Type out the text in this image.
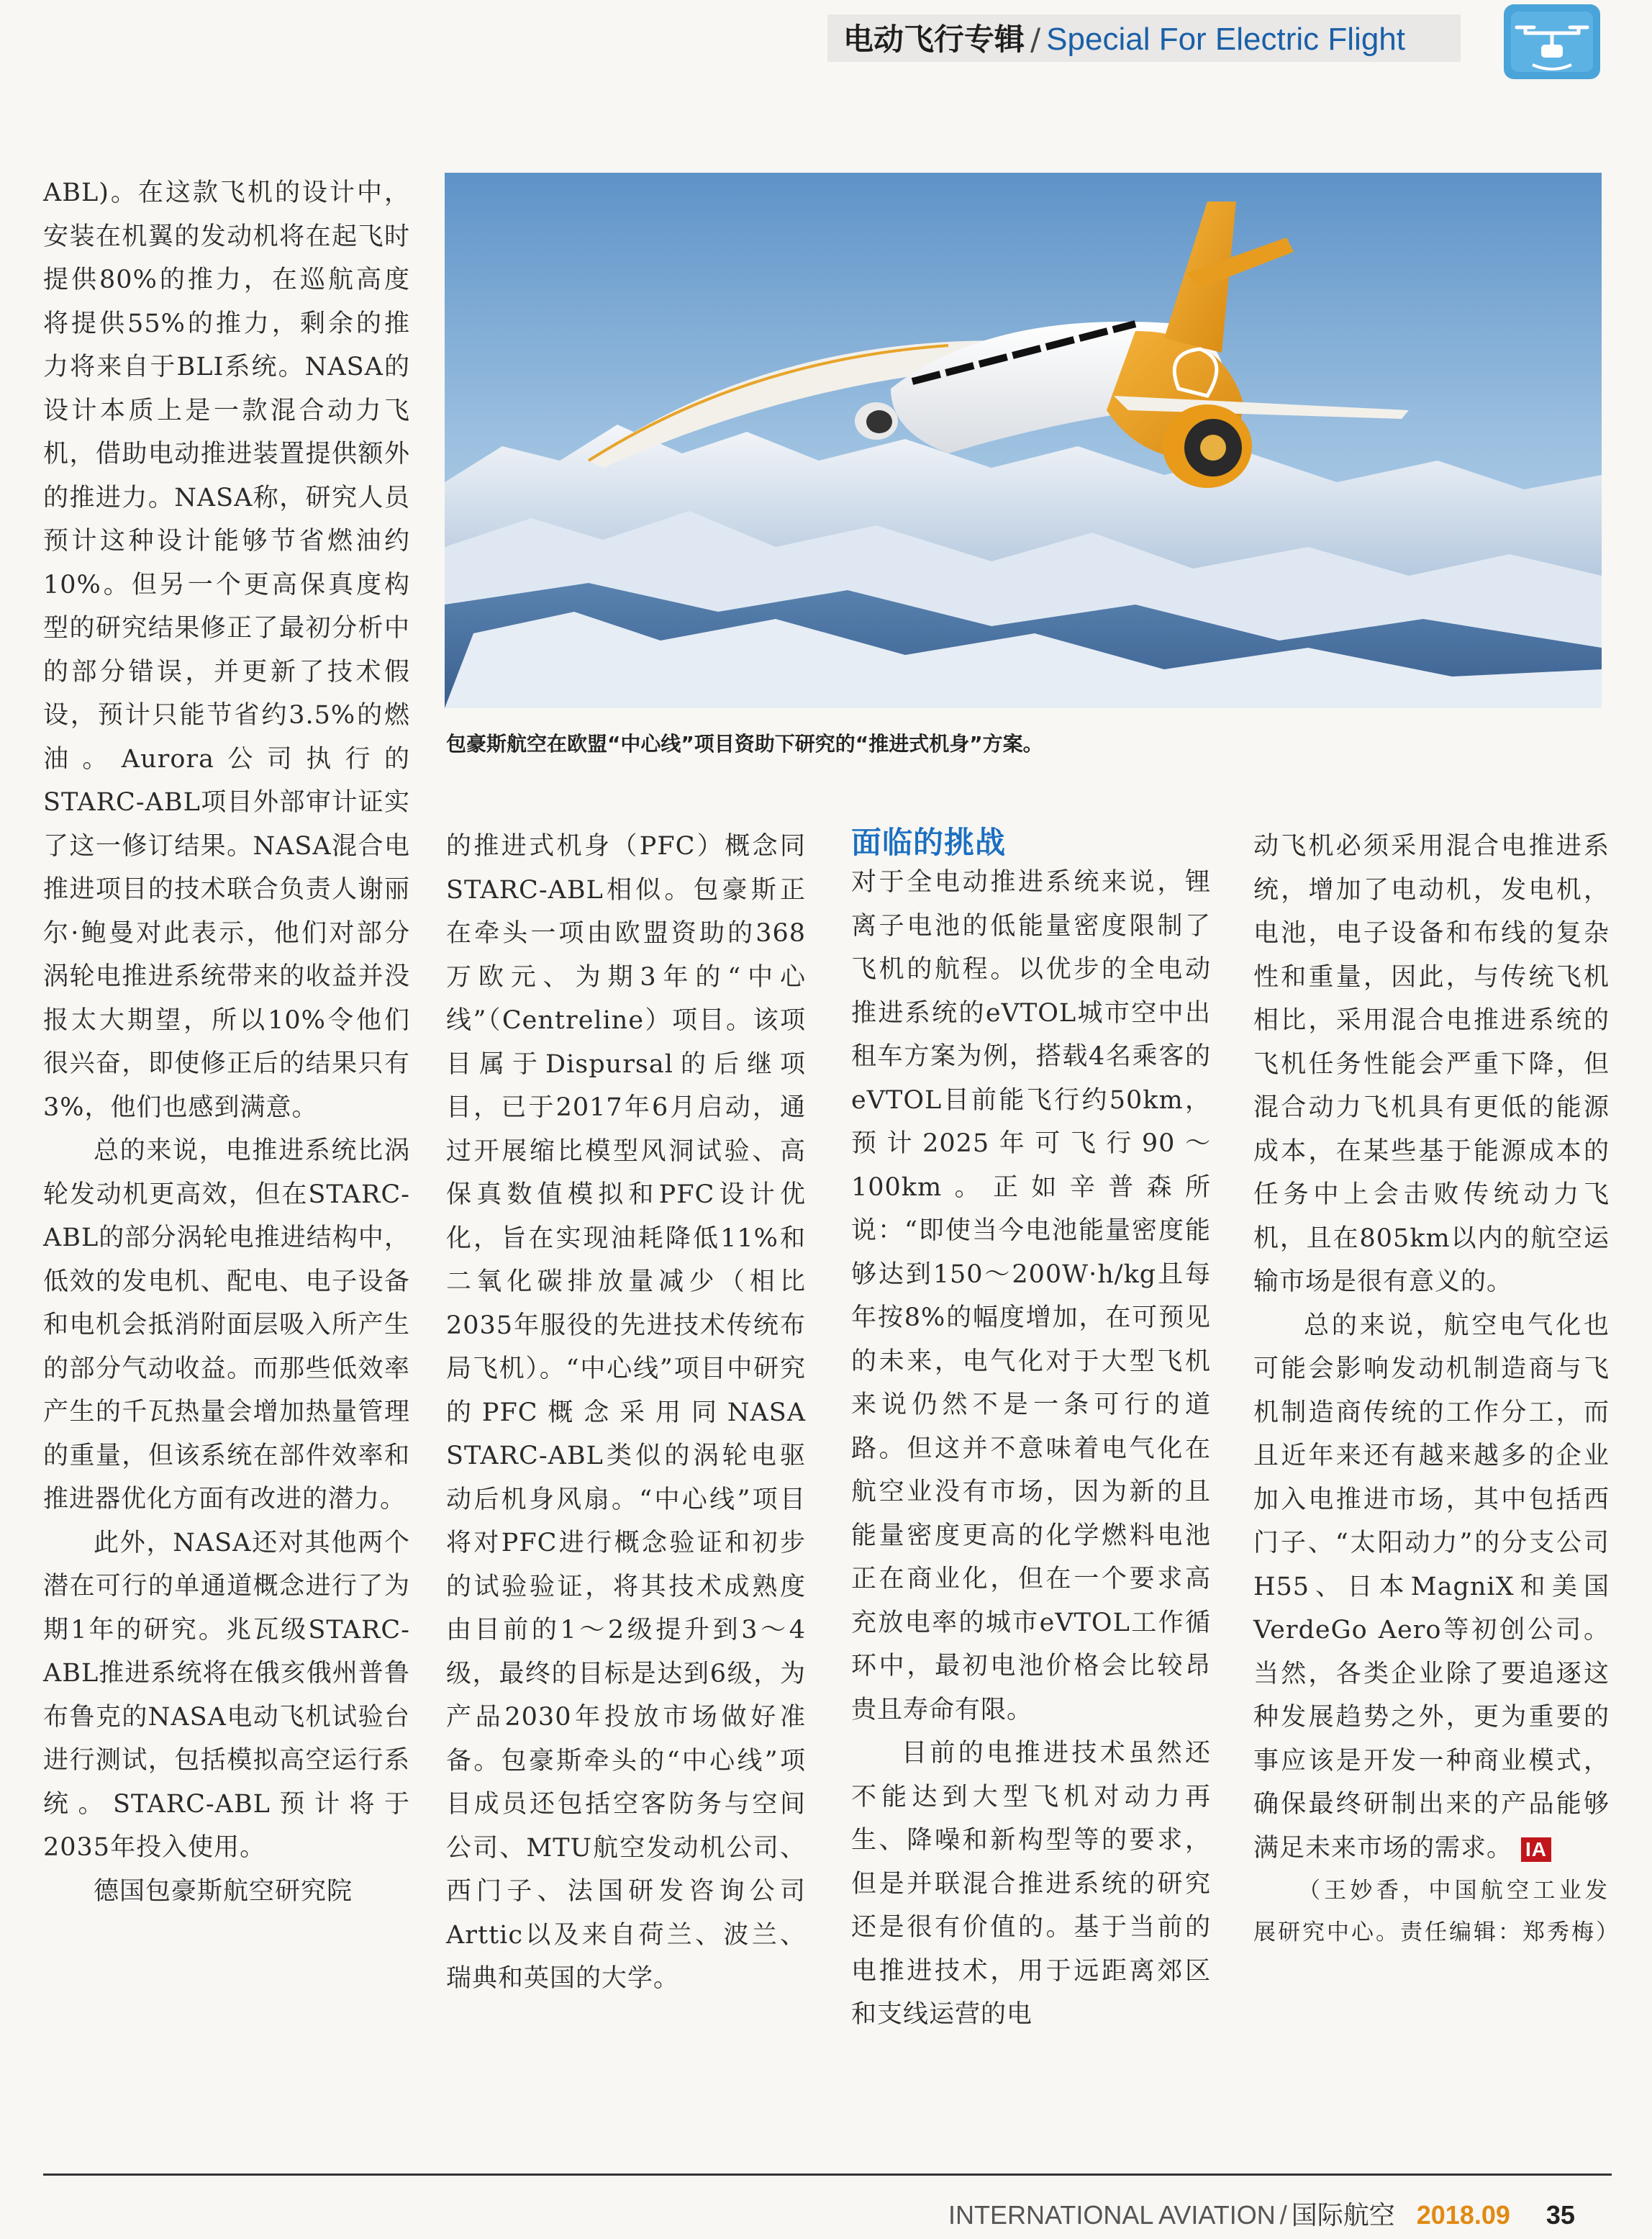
电动飞行专辑 / Special For Electric Flight
包豪斯航空在欧盟“中心线”项目资助下研究的“推进式机身”方案。

ABL)。在这款飞机的设计中，安装在机翼的发动机将在起飞时提供80%的推力，在巡航高度将提供55%的推力，剩余的推力将来自于BLI系统。NASA的设计本质上是一款混合动力飞机，借助电动推进装置提供额外的推进力。NASA称，研究人员预计这种设计能够节省燃油约10%。但另一个更高保真度构型的研究结果修正了最初分析中的部分错误，并更新了技术假设，预计只能节省约3.5%的燃油。Aurora公司执行的STARC-ABL项目外部审计证实了这一修订结果。NASA混合电推进项目的技术联合负责人谢丽尔·鲍曼对此表示，他们对部分涡轮电推进系统带来的收益并没报太大期望，所以10%令他们很兴奋，即使修正后的结果只有3%，他们也感到满意。

总的来说，电推进系统比涡轮发动机更高效，但在STARC-ABL的部分涡轮电推进结构中，低效的发电机、配电、电子设备和电机会抵消附面层吸入所产生的部分气动收益。而那些低效率产生的千瓦热量会增加热量管理的重量，但该系统在部件效率和推进器优化方面有改进的潜力。

此外，NASA还对其他两个潜在可行的单通道概念进行了为期1年的研究。兆瓦级STARC-ABL推进系统将在俄亥俄州普鲁布鲁克的NASA电动飞机试验台进行测试，包括模拟高空运行系统。STARC-ABL预计将于2035年投入使用。

德国包豪斯航空研究院

的推进式机身（PFC）概念同STARC-ABL相似。包豪斯正在牵头一项由欧盟资助的368万欧元、为期3年的“中心线”（Centreline）项目。该项目属于Dispursal的后继项目，已于2017年6月启动，通过开展缩比模型风洞试验、高保真数值模拟和PFC设计优化，旨在实现油耗降低11%和二氧化碳排放量减少（相比2035年服役的先进技术传统布局飞机）。“中心线”项目中研究的PFC概念采用同NASA STARC-ABL类似的涡轮电驱动后机身风扇。“中心线”项目将对PFC进行概念验证和初步的试验验证，将其技术成熟度由目前的1～2级提升到3～4级，最终的目标是达到6级，为产品2030年投放市场做好准备。包豪斯牵头的“中心线”项目成员还包括空客防务与空间公司、MTU航空发动机公司、西门子、法国研发咨询公司Arttic以及来自荷兰、波兰、瑞典和英国的大学。

面临的挑战

对于全电动推进系统来说，锂离子电池的低能量密度限制了飞机的航程。以优步的全电动推进系统的eVTOL城市空中出租车方案为例，搭载4名乘客的eVTOL目前能飞行约50km，预计2025年可飞行90～100km。正如辛普森所说：“即使当今电池能量密度能够达到150～200W·h/kg且每年按8%的幅度增加，在可预见的未来，电气化对于大型飞机来说仍然不是一条可行的道路。但这并不意味着电气化在航空业没有市场，因为新的且能量密度更高的化学燃料电池正在商业化，但在一个要求高充放电率的城市eVTOL工作循环中，最初电池价格会比较昂贵且寿命有限。

目前的电推进技术虽然还不能达到大型飞机对动力再生、降噪和新构型等的要求，但是并联混合推进系统的研究还是很有价值的。基于当前的电推进技术，用于远距离郊区和支线运营的电

动飞机必须采用混合电推进系统，增加了电动机，发电机，电池，电子设备和布线的复杂性和重量，因此，与传统飞机相比，采用混合电推进系统的飞机任务性能会严重下降，但混合动力飞机具有更低的能源成本，在某些基于能源成本的任务中上会击败传统动力飞机，且在805km以内的航空运输市场是很有意义的。

总的来说，航空电气化也可能会影响发动机制造商与飞机制造商传统的工作分工，而且近年来还有越来越多的企业加入电推进市场，其中包括西门子、“太阳动力”的分支公司H55、日本MagniX和美国VerdeGo Aero等初创公司。当然，各类企业除了要追逐这种发展趋势之外，更为重要的事应该是开发一种商业模式，确保最终研制出来的产品能够满足未来市场的需求。 IA

（王妙香，中国航空工业发展研究中心。责任编辑：郑秀梅）

INTERNATIONAL AVIATION / 国际航空 2018.09 35
